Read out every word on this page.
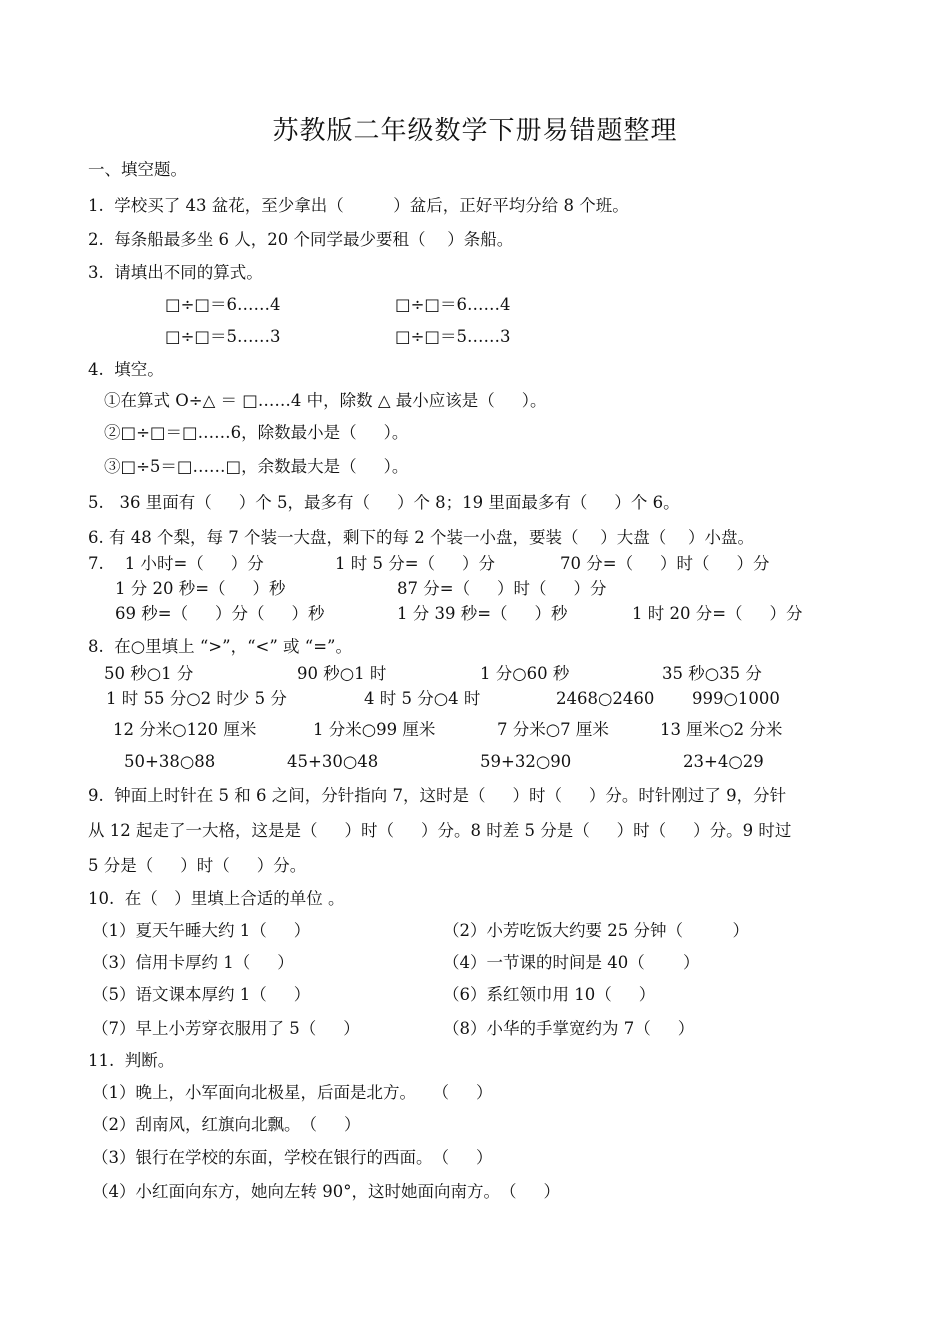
苏教版二年级数学下册易错题整理
一、填空题。
1.  学校买了 43 盆花，至少拿出（　　　）盆后，正好平均分给 8 个班。
2.  每条船最多坐 6 人，20 个同学最少要租（　 ）条船。
3.  请填出不同的算式。
□÷□＝6……4	□÷□＝6……4
□÷□＝5……3	□÷□＝5……3
4.  填空。
①在算式 O÷△ ＝ □……4 中，除数 △ 最小应该是（　  ）。
②□÷□＝□……6，除数最小是（　  ）。
③□÷5＝□……□，余数最大是（　  ）。
5.   36 里面有（　  ）个 5，最多有（　  ）个 8；19 里面最多有（　  ）个 6。
6. 有 48 个梨，每 7 个装一大盘，剩下的每 2 个装一小盘，要装（　 ）大盘（　 ）小盘。
7.    1 小时=（　  ）分	1 时 5 分=（　  ）分	70 分=（　  ）时（　  ）分
1 分 20 秒=（　  ）秒	87 分=（　  ）时（　  ）分
69 秒=（　  ）分（　  ）秒	1 分 39 秒=（　  ）秒	1 时 20 分=（　  ）分
8.  在○里填上 “>”，“<” 或 “=”。
50 秒○1 分	90 秒○1 时	1 分○60 秒	35 秒○35 分
1 时 55 分○2 时少 5 分	4 时 5 分○4 时	2468○2460 999○1000
12 分米○120 厘米	1 分米○99 厘米	7 分米○7 厘米	13 厘米○2 分米
50+38○88	45+30○48	59+32○90	23+4○29
9.  钟面上时针在 5 和 6 之间，分针指向 7，这时是（　  ）时（　  ）分。时针刚过了 9，分针
从 12 起走了一大格，这是是（　  ）时（　  ）分。8 时差 5 分是（　  ）时（　  ）分。9 时过
5 分是（　  ）时（　  ）分。
10.  在（　）里填上合适的单位 。
（1）夏天午睡大约 1（　  ）	（2）小芳吃饭大约要 25 分钟（　　　）
（3）信用卡厚约 1（　  ）	（4）一节课的时间是 40（　　 ）
（5）语文课本厚约 1（　  ）	（6）系红领巾用 10（　  ）
（7）早上小芳穿衣服用了 5（　  ）	（8）小华的手掌宽约为 7（　  ）
11.  判断。
（1）晚上，小军面向北极星，后面是北方。　　（　  ）
（2）刮南风，红旗向北飘。　（　  ）
（3）银行在学校的东面，学校在银行的西面。　（　  ）
（4）小红面向东方，她向左转 90°，这时她面向南方。　（　  ）
